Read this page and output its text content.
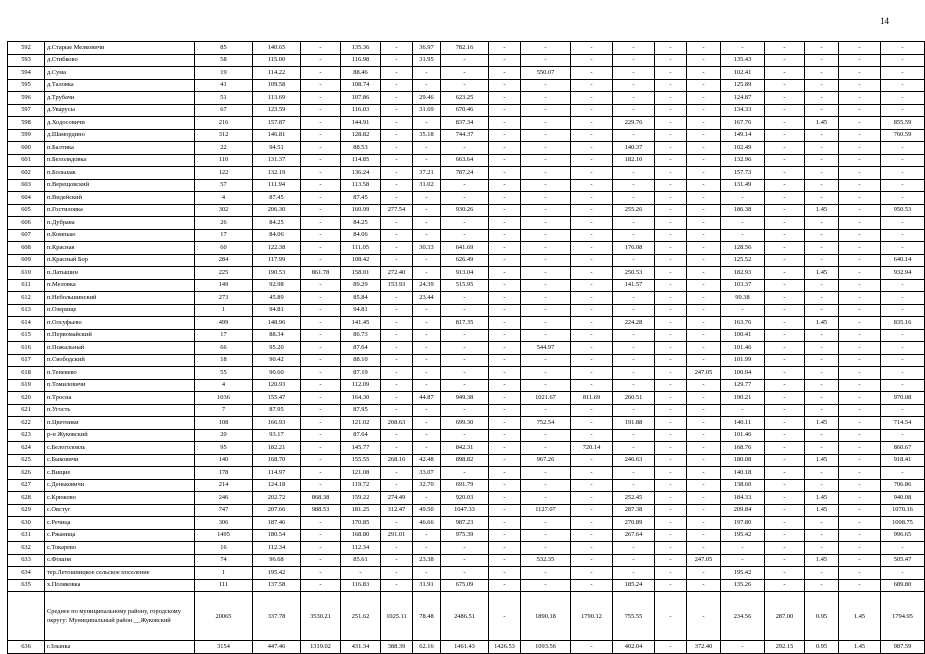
14
592	д.Старые Мелковичи	85	140.65	-	135.36	-	36.97	782.16	-	-	-	-	-	-	-	-	-	-	-
593	д.Стибково	58	115.00	-	116.98	-	31.95	-	-	-	-	-	-	-	135.43	-	-	-	-
594	д.Сума	19	114.22	-	88.46	-	-	-	-	550.07	-	-	-	-	102.41	-	-	-	-
595	д.Таловка	41	109.58	-	108.74	-	-	-	-	-	-	-	-	-	125.89	-	-	-	-
596	д.Трубачи	51	113.69	-	107.86	-	29.46	623.25	-	-	-	-	-	-	124.87	-	-	-	-
597	д.Уварусы	67	123.59	-	116.03	-	31.69	670.46	-	-	-	-	-	-	134.33	-	-	-	-
598	д.Ходосовичи	216	157.87	-	144.91	-	-	837.34	-	-	-	229.76	-	-	167.76	-	1.45	-	855.59
599	д.Шамордино	312	146.81	-	128.82	-	35.18	744.37	-	-	-	-	-	-	149.14	-	-	-	760.59
600	п.Балтика	22	94.51	-	88.53	-	-	-	-	-	-	140.37	-	-	102.49	-	-	-	-
601	п.Белолядовка	110	131.37	-	114.85	-	-	663.64	-	-	-	182.10	-	-	132.96	-	-	-	-
602	п.Большак	122	132.19	-	136.24	-	37.21	787.24	-	-	-	-	-	-	157.73	-	-	-	-
603	п.Верещовский	57	111.94	-	113.58	-	31.02	-	-	-	-	-	-	-	131.49	-	-	-	-
604	п.Видейский	4	87.45	-	87.45	-	-	-	-	-	-	-	-	-	-	-	-	-	-
605	п.Гостиловка	302	206.30	-	160.99	277.54	-	930.26	-	-	-	255.26	-	-	186.38	-	1.45	-	950.53
606	п.Дубрава	26	84.25	-	84.25	-	-	-	-	-	-	-	-	-	-	-	-	-	-
607	п.Компько	17	84.06	-	84.06	-	-	-	-	-	-	-	-	-	-	-	-	-	-
608	п.Красная	60	122.38	-	111.05	-	30.33	641.69	-	-	-	176.08	-	-	128.56	-	-	-	-
609	п.Красный Бор	284	117.99	-	108.42	-	-	626.49	-	-	-	-	-	-	125.52	-	-	-	640.14
610	п.Латышин	225	190.53	861.78	158.01	272.40	-	913.04	-	-	-	250.53	-	-	182.93	-	1.45	-	932.94
611	п.Меловка	149	92.98	-	89.29	153.93	24.39	515.95	-	-	-	141.57	-	-	103.37	-	-	-	-
612	п.Небольшинский	273	45.89	-	85.84	-	23.44	-	-	-	-	-	-	-	99.38	-	-	-	-
613	п.Озерище	1	94.81	-	94.81	-	-	-	-	-	-	-	-	-	-	-	-	-	-
614	п.Олсуфьево	499	148.96	-	141.45	-	-	817.35	-	-	-	224.28	-	-	163.76	-	1.45	-	835.16
615	п.Первомайский	17	88.34	-	86.73	-	-	-	-	-	-	-	-	-	100.41	-	-	-	-
616	п.Пожальный	66	95.20	-	87.64	-	-	-	-	544.97	-	-	-	-	101.46	-	-	-	-
617	п.Свободский	18	90.42	-	88.10	-	-	-	-	-	-	-	-	-	101.99	-	-	-	-
618	п.Теневево	55	90.60	-	87.19	-	-	-	-	-	-	-	-	247.05	100.94	-	-	-	-
619	п.Томиловичи	4	120.93	-	112.09	-	-	-	-	-	-	-	-	-	129.77	-	-	-	-
620	п.Тросна	1036	155.47	-	164.30	-	44.87	949.38	-	1021.67	811.69	260.51	-	-	190.21	-	-	-	970.08
621	п.Угость	7	87.95	-	87.95	-	-	-	-	-	-	-	-	-	-	-	-	-	-
622	п.Цветники	108	166.93	-	121.02	208.63	-	699.30	-	752.54	-	191.88	-	-	140.11	-	1.45	-	714.54
623	р-н Жуковский	20	93.17	-	87.64	-	-	-	-	-	-	-	-	-	101.46	-	-	-	-
624	с.Белоголовль	95	182.21	-	145.77	-	-	842.31	-	-	720.14	-	-	-	168.76	-	-	-	860.67
625	с.Быковичи	140	168.70	-	155.55	268.16	42.48	898.82	-	967.26	-	246.63	-	-	180.08	-	1.45	-	918.41
626	с.Вищие	178	114.97	-	121.08	-	33.07	-	-	-	-	-	-	-	140.18	-	-	-	-
627	с.Деньковичи	214	124.18	-	119.72	-	32.70	691.79	-	-	-	-	-	-	138.60	-	-	-	706.86
628	с.Крюково	246	202.72	868.38	159.22	274.49	-	920.03	-	-	-	252.45	-	-	184.33	-	1.45	-	940.08
629	с.Овстуг	747	207.66	988.53	181.25	312.47	49.50	1047.33	-	1127.07	-	287.38	-	-	209.84	-	1.45	-	1070.16
630	с.Речица	306	187.46	-	170.85	-	46.66	987.23	-	-	-	270.89	-	-	197.80	-	-	-	1008.75
631	с.Ржаница	1495	180.54	-	168.80	291.01	-	975.39	-	-	-	267.64	-	-	195.42	-	-	-	996.65
632	с.Токарево	16	112.34	-	112.34	-	-	-	-	-	-	-	-	-	-	-	-	-	-
633	с.Фошня	74	96.68	-	85.61	-	23.38	-	-	532.35	-	-	-	247.05	-	-	1.45	-	505.47
634	тер.Летошницкое сельское поселение	1	195.42	-	-	-	-	-	-	-	-	-	-	-	195.42	-	-	-	-
635	х.Поляковка	111	137.58	-	116.83	-	31.91	675.09	-	-	-	185.24	-	-	135.26	-	-	-	689.80
	Среднее по муниципальному району, городскому округу: Муниципальный район __Жуковский	20065	337.78	3530.21	251.62	1025.11	78.48	2486.51	-	1890.18	1790.12	755.55	-	-	234.56	287.00	0.95	1.45	1794.95
636	г.Злынка	3154	447.46	1319.02	431.34	388.39	62.16	1461.43	1426.53	1093.56	-	402.04	-	372.40	-	292.15	0.95	1.45	987.59
